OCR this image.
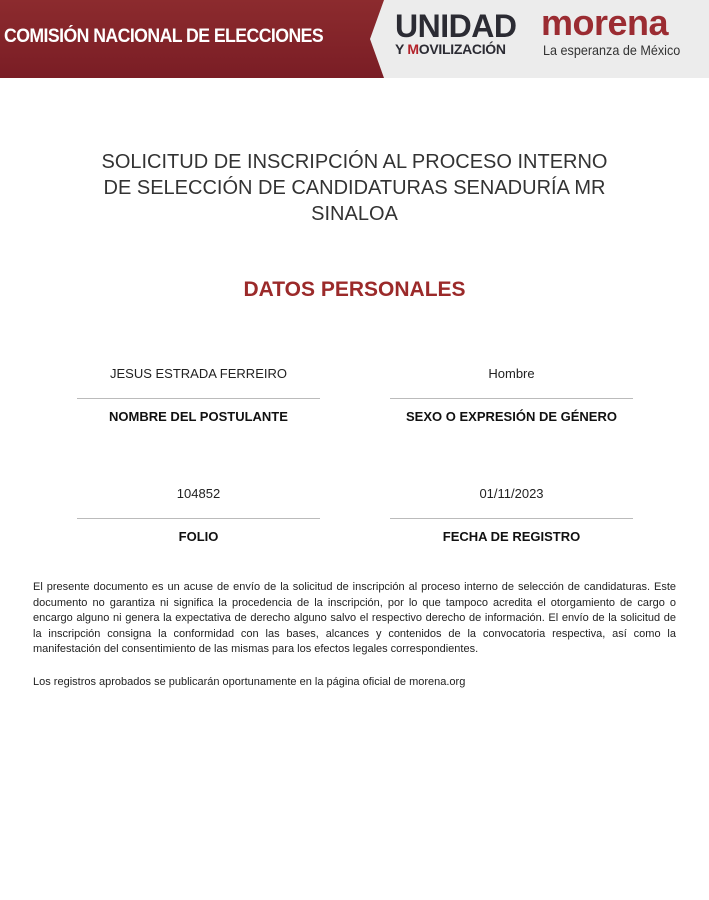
COMISIÓN NACIONAL DE ELECCIONES UNIDAD
Y MOVILIZACIÓN
morena
La esperanza de México
SOLICITUD DE INSCRIPCIÓN AL PROCESO INTERNO
DE SELECCIÓN DE CANDIDATURAS SENADURÍA MR
SINALOA
DATOS PERSONALES
JESUS ESTRADA FERREIRO
NOMBRE DEL POSTULANTE
Hombre
SEXO O EXPRESIÓN DE GÉNERO
104852
FOLIO
01/11/2023
FECHA DE REGISTRO
El presente documento es un acuse de envío de la solicitud de inscripción al proceso interno de selección de candidaturas. Este documento no garantiza ni significa la procedencia de la inscripción, por lo que tampoco acredita el otorgamiento de cargo o encargo alguno ni genera la expectativa de derecho alguno salvo el respectivo derecho de información. El envío de la solicitud de la inscripción consigna la conformidad con las bases, alcances y contenidos de la convocatoria respectiva, así como la manifestación del consentimiento de las mismas para los efectos legales correspondientes.
Los registros aprobados se publicarán oportunamente en la página oficial de morena.org
